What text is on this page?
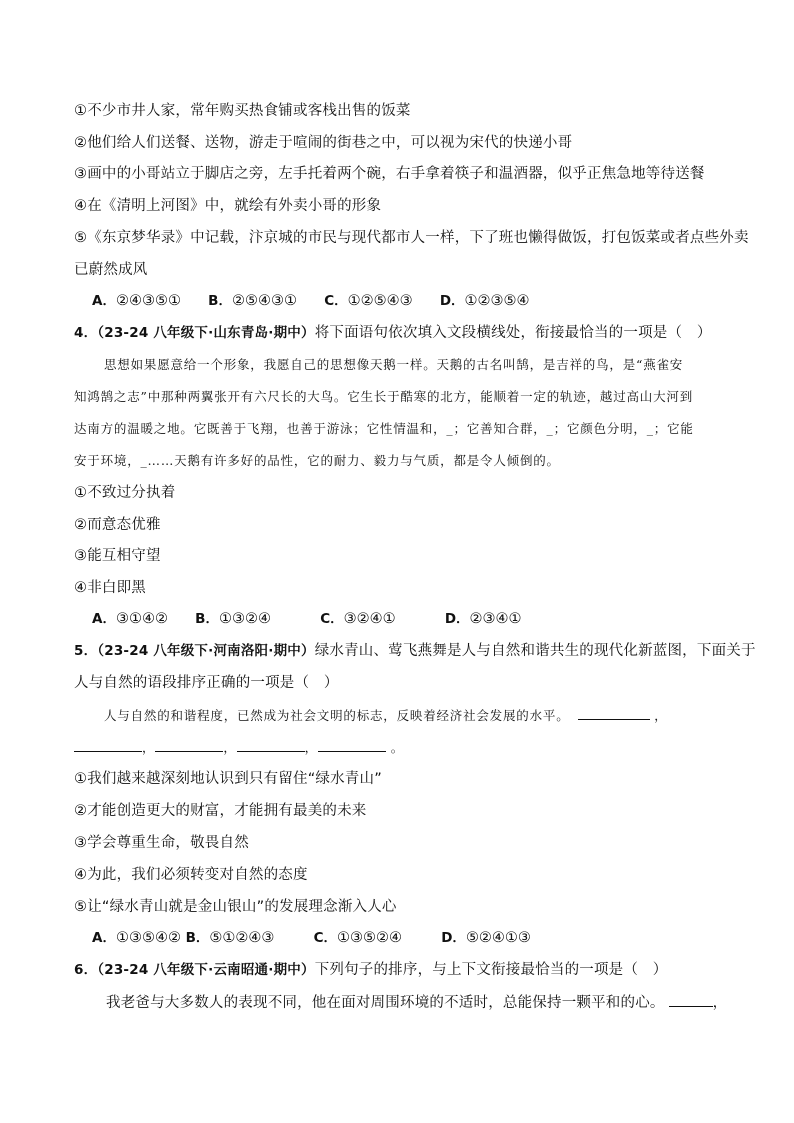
①不少市井人家，常年购买热食铺或客栈出售的饭菜
②他们给人们送餐、送物，游走于喧闹的街巷之中，可以视为宋代的快递小哥
③画中的小哥站立于脚店之旁，左手托着两个碗，右手拿着筷子和温酒器，似乎正焦急地等待送餐
④在《清明上河图》中，就绘有外卖小哥的形象
⑤《东京梦华录》中记载，汴京城的市民与现代都市人一样，下了班也懒得做饭，打包饭菜或者点些外卖
已蔚然成风
A．②④③⑤① B．②⑤④③① C．①②⑤④③ D．①②③⑤④
4．（23-24 八年级下·山东青岛·期中）将下面语句依次填入文段横线处，衔接最恰当的一项是（　）
思想如果愿意给一个形象，我愿自己的思想像天鹅一样。天鹅的古名叫鹄，是吉祥的鸟，是“燕雀安
知鸿鹄之志”中那种两翼张开有六尺长的大鸟。它生长于酷寒的北方，能顺着一定的轨迹，越过高山大河到
达南方的温暖之地。它既善于飞翔，也善于游泳；它性情温和，_；它善知合群，_；它颜色分明，_；它能
安于环境，_……天鹅有许多好的品性，它的耐力、毅力与气质，都是令人倾倒的。
①不致过分执着
②而意态优雅
③能互相守望
④非白即黑
A．③①④② B．①③②④	C．③②④①	D．②③④①
5．（23-24 八年级下·河南洛阳·期中）绿水青山、莺飞燕舞是人与自然和谐共生的现代化新蓝图，下面关于
人与自然的语段排序正确的一项是（　）
人与自然的和谐程度，已然成为社会文明的标志，反映着经济社会发展的水平。	，
，	，	，	。
①我们越来越深刻地认识到只有留住“绿水青山”
②才能创造更大的财富，才能拥有最美的未来
③学会尊重生命，敬畏自然
④为此，我们必须转变对自然的态度
⑤让“绿水青山就是金山银山”的发展理念渐入人心
A．①③⑤④② B．⑤①②④③	C．①③⑤②④	D．⑤②④①③
6．（23-24 八年级下·云南昭通·期中）下列句子的排序，与上下文衔接最恰当的一项是（　）
我老爸与大多数人的表现不同，他在面对周围环境的不适时，总能保持一颗平和的心。	，
